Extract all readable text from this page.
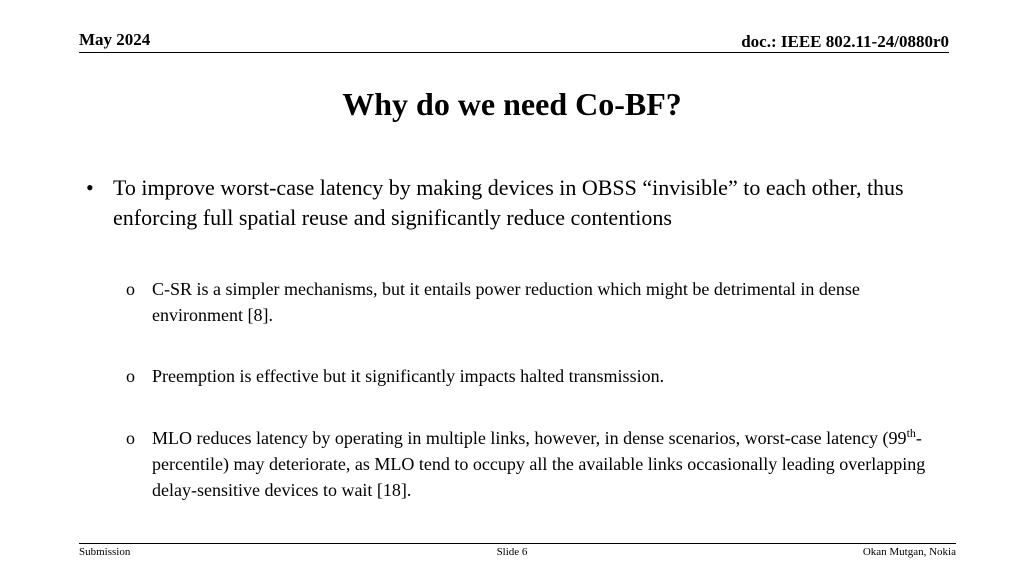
May 2024	doc.: IEEE 802.11-24/0880r0
Why do we need Co-BF?
• To improve worst-case latency by making devices in OBSS “invisible” to each other, thus enforcing full spatial reuse and significantly reduce contentions
o C-SR is a simpler mechanisms, but it entails power reduction which might be detrimental in dense environment [8].
o Preemption is effective but it significantly impacts halted transmission.
o MLO reduces latency by operating in multiple links, however, in dense scenarios, worst-case latency (99th-percentile) may deteriorate, as MLO tend to occupy all the available links occasionally leading overlapping delay-sensitive devices to wait [18].
Submission	Slide 6	Okan Mutgan, Nokia
